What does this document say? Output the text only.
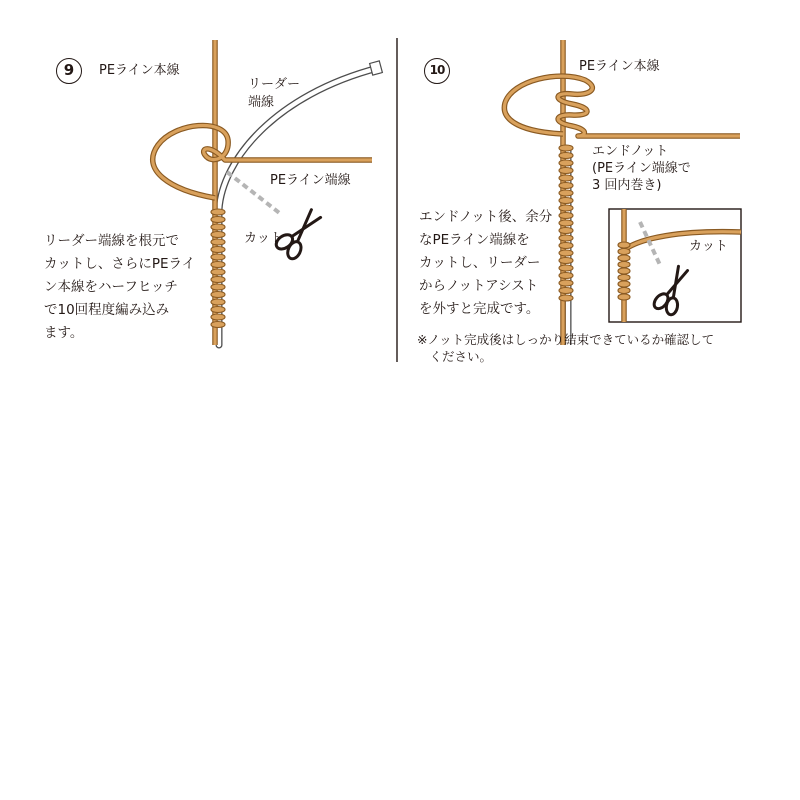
9	PEライン本線
リーダー
端線
PEライン端線
カット
リーダー端線を根元で
カットし、さらにPEライ
ン本線をハーフヒッチ
で10回程度編み込み
ます。
10	PEライン本線
エンドノット
(PEライン端線で
3 回内巻き)
カット
エンドノット後、余分
なPEライン端線を
カットし、リーダー
からノットアシスト
を外すと完成です。
※ノット完成後はしっかり結束できているか確認して
　ください。
